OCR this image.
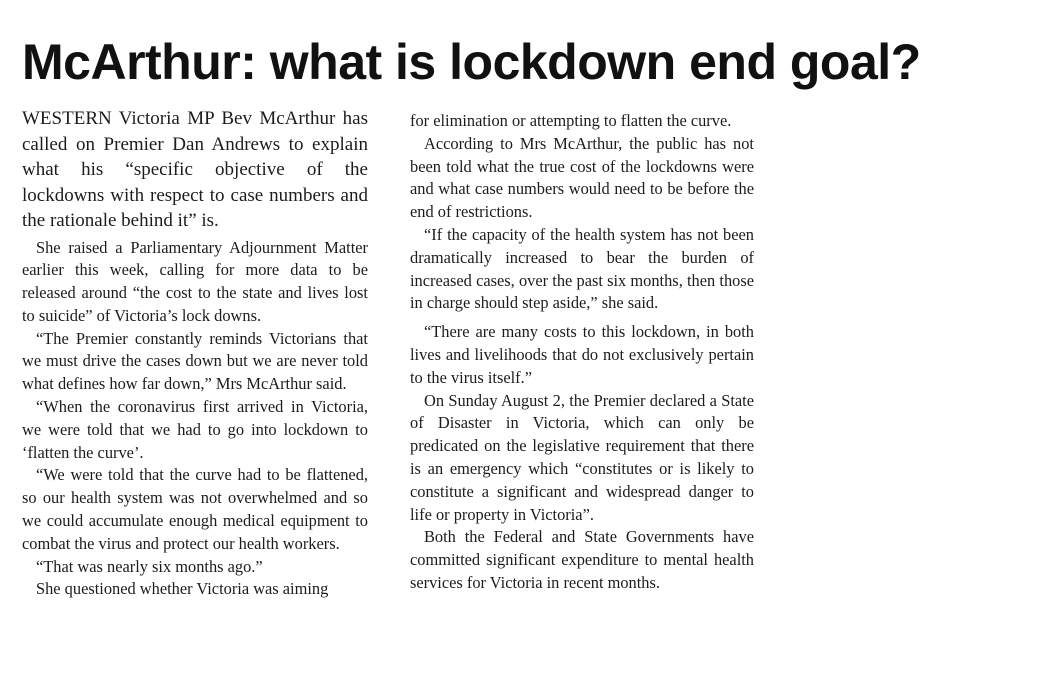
McArthur: what is lockdown end goal?

WESTERN Victoria MP Bev McArthur has called on Premier Dan Andrews to explain what his “specific objective of the lockdowns with respect to case numbers and the rationale behind it” is.

She raised a Parliamentary Adjournment Matter earlier this week, calling for more data to be released around “the cost to the state and lives lost to suicide” of Victoria’s lock downs.

“The Premier constantly reminds Victorians that we must drive the cases down but we are never told what defines how far down,” Mrs McArthur said.

“When the coronavirus first arrived in Victoria, we were told that we had to go into lockdown to ‘flatten the curve’.

“We were told that the curve had to be flattened, so our health system was not overwhelmed and so we could accumulate enough medical equipment to combat the virus and protect our health workers.

“That was nearly six months ago.”

She questioned whether Victoria was aiming

for elimination or attempting to flatten the curve.

According to Mrs McArthur, the public has not been told what the true cost of the lockdowns were and what case numbers would need to be before the end of restrictions.

“If the capacity of the health system has not been dramatically increased to bear the burden of increased cases, over the past six months, then those in charge should step aside,” she said.

“There are many costs to this lockdown, in both lives and livelihoods that do not exclusively pertain to the virus itself.”

On Sunday August 2, the Premier declared a State of Disaster in Victoria, which can only be predicated on the legislative requirement that there is an emergency which “constitutes or is likely to constitute a significant and widespread danger to life or property in Victoria”.

Both the Federal and State Governments have committed significant expenditure to mental health services for Victoria in recent months.
